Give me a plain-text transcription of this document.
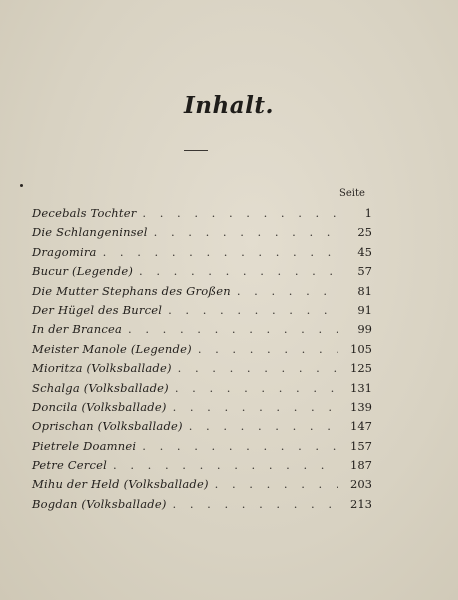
Inhalt.
Seite
Decebals Tochter . . .	1
Die Schlangeninsel . . .	25
Dragomira . . .	45
Bucur (Legende) . . .	57
Die Mutter Stephans des Großen . . .	81
Der Hügel des Burcel . . .	91
In der Brancea . . .	99
Meister Manole (Legende) . . .	105
Mioritza (Volksballade) . . .	125
Schalga (Volksballade) . . .	131
Doncila (Volksballade) . . .	139
Oprischan (Volksballade) . . .	147
Pietrele Doamnei . . .	157
Petre Cercel . . .	187
Mihu der Held (Volksballade) . . .	203
Bogdan (Volksballade) . . .	213
